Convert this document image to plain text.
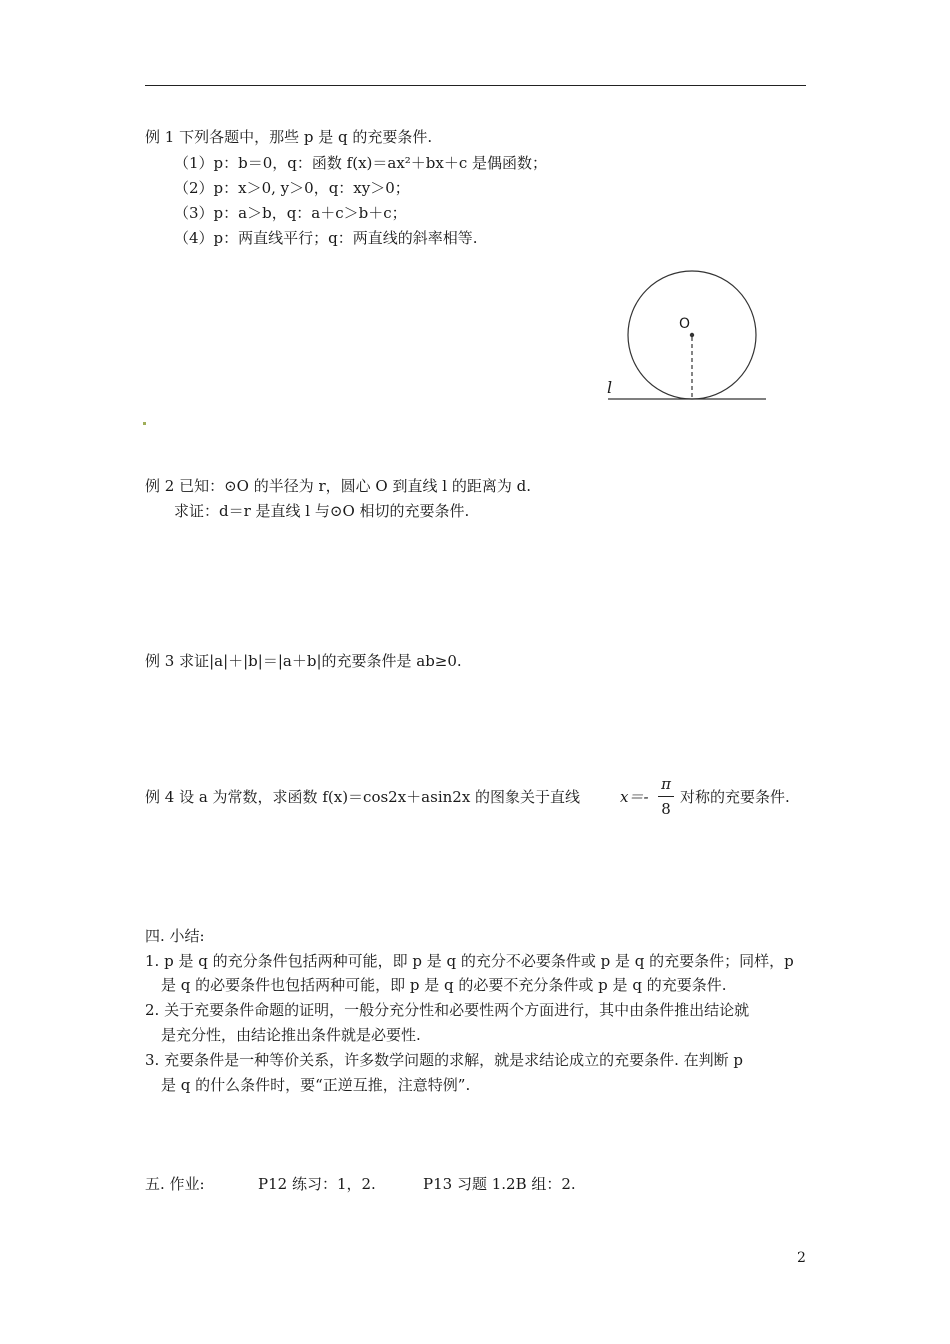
例 1 下列各题中，那些 p 是 q 的充要条件.
（1）p：b＝0，q：函数 f(x)＝ax²＋bx＋c 是偶函数；
（2）p：x＞0, y＞0，q：xy＞0；
（3）p：a＞b，q：a＋c＞b＋c；
（4）p：两直线平行；q：两直线的斜率相等.
O
l
例 2 已知：⊙O 的半径为 r，圆心 O 到直线 l 的距离为 d.
求证：d＝r 是直线 l 与⊙O 相切的充要条件.
例 3 求证|a|＋|b|＝|a＋b|的充要条件是 ab≥0.
例 4 设 a 为常数，求函数 f(x)＝cos2x＋asin2x 的图象关于直线	x＝-
π
8
对称的充要条件.
四. 小结:
1. p 是 q 的充分条件包括两种可能，即 p 是 q 的充分不必要条件或 p 是 q 的充要条件；同样，p
是 q 的必要条件也包括两种可能，即 p 是 q 的必要不充分条件或 p 是 q 的充要条件.
2. 关于充要条件命题的证明，一般分充分性和必要性两个方面进行，其中由条件推出结论就
是充分性，由结论推出条件就是必要性.
3. 充要条件是一种等价关系，许多数学问题的求解，就是求结论成立的充要条件. 在判断 p
是 q 的什么条件时，要“正逆互推，注意特例”.
五. 作业:	P12 练习：1，2.	P13 习题 1.2B 组：2.
2
